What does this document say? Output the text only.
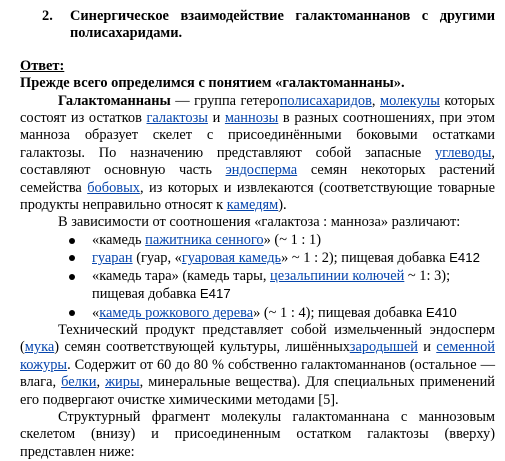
2.	Синергическое взаимодействие галактоманнанов с другими полисахаридами.
Ответ:
Прежде всего определимся с понятием «галактоманнаны».

Галактоманнаны — группа гетерополисахаридов, молекулы которых состоят из остатков галактозы и маннозы в разных соотношениях, при этом манноза образует скелет с присоединёнными боковыми остатками галактозы. По назначению представляют собой запасные углеводы, составляют основную часть эндосперма семян некоторых растений семейства бобовых, из которых и извлекаются (соответствующие товарные продукты неправильно относят к камедям).

В зависимости от соотношения «галактоза : манноза» различают:

«камедь пажитника сенного» (~ 1 : 1)
гуаран (гуар, «гуаровая камедь» ~ 1 : 2); пищевая добавка E412
«камедь тара» (камедь тары, цезальпинии колючей ~ 1: 3); пищевая добавка E417
«камедь рожкового дерева» (~ 1 : 4); пищевая добавка E410

Технический продукт представляет собой измельченный эндосперм (мука) семян соответствующей культуры, лишённыхзародышей и семенной кожуры. Содержит от 60 до 80 % собственно галактоманнанов (остальное — влага, белки, жиры, минеральные вещества). Для специальных применений его подвергают очистке химическими методами [5].

Структурный фрагмент молекулы галактоманнана с маннозовым скелетом (внизу) и присоединенным остатком галактозы (вверху) представлен ниже:
